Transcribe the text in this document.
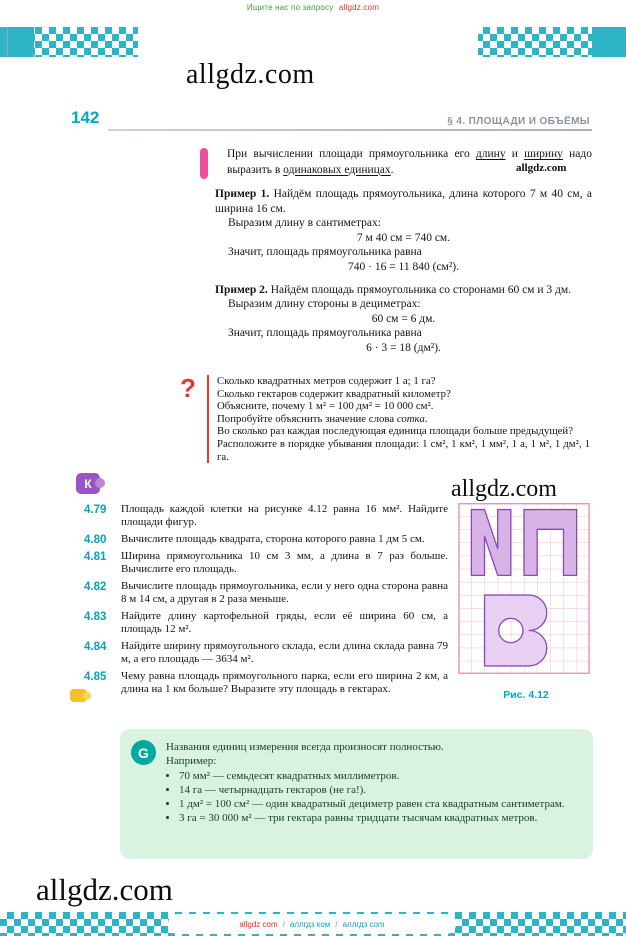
Ищите нас по запросу allgdz.com
allgdz.com
142	§ 4. ПЛОЩАДИ И ОБЪЁМЫ
При вычислении площади прямоугольника его длину и ширину надо выразить в одинаковых единицах.	allgdz.com

Пример 1. Найдём площадь прямоугольника, длина которого 7 м 40 см, а ширина 16 см.

Выразим длину в сантиметрах:

7 м 40 см = 740 см.

Значит, площадь прямоугольника равна

740 · 16 = 11 840 (см²).

Пример 2. Найдём площадь прямоугольника со сторонами 60 см и 3 дм.

Выразим длину стороны в дециметрах:

60 см = 6 дм.

Значит, площадь прямоугольника равна

6 · 3 = 18 (дм²).

? Сколько квадратных метров содержит 1 а; 1 га?
Сколько гектаров содержит квадратный километр?
Объясните, почему 1 м² = 100 дм² = 10 000 см².
Попробуйте объяснить значение слова сотка.
Во сколько раз каждая последующая единица площади больше предыдущей?
Расположите в порядке убывания площади: 1 см², 1 км², 1 мм², 1 а, 1 м², 1 дм², 1 га.
К	allgdz.com
4.79	Площадь каждой клетки на рисунке 4.12 равна 16 мм². Найдите площади фигур.
4.80	Вычислите площадь квадрата, сторона которого равна 1 дм 5 см.
4.81	Ширина прямоугольника 10 см 3 мм, а длина в 7 раз больше. Вычислите его площадь.
4.82	Вычислите площадь прямоугольника, если у него одна сторона равна 8 м 14 см, а другая в 2 раза меньше.
4.83	Найдите длину картофельной гряды, если её ширина 60 см, а площадь 12 м².
4.84	Найдите ширину прямоугольного склада, если длина склада равна 79 м, а его площадь — 3634 м².
4.85	Чему равна площадь прямоугольного парка, если его ширина 2 км, а длина на 1 км больше? Выразите эту площадь в гектарах.	Рис. 4.12
G Названия единиц измерения всегда произносят полностью.
Например:
• 70 мм² — семьдесят квадратных миллиметров.
• 14 га — четырнадцать гектаров (не га!).
• 1 дм² = 100 см² — один квадратный дециметр равен ста квадратным сантиметрам.
• 3 га = 30 000 м² — три гектара равны тридцати тысячам квадратных метров.
allgdz.com
allgdz com / аллгдз ком / аллгдз com
